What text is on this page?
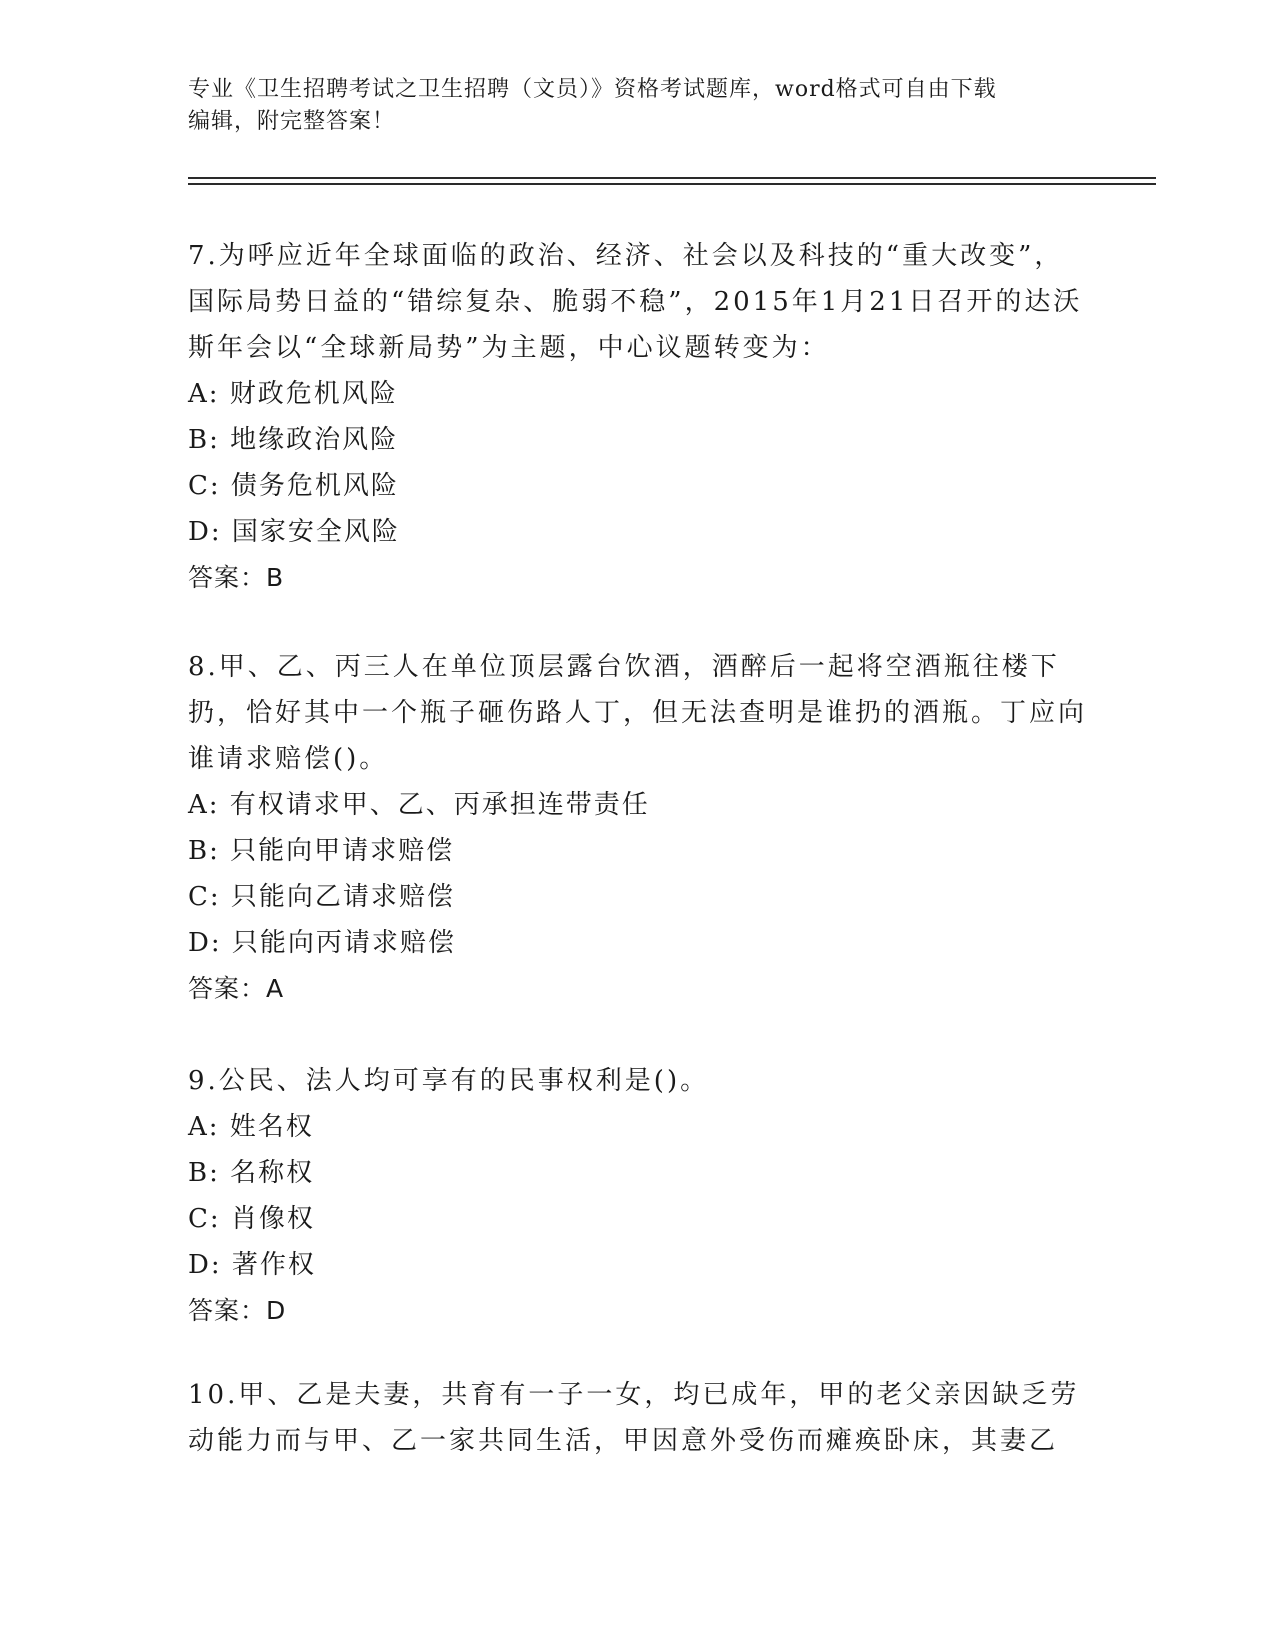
专业《卫生招聘考试之卫生招聘（文员）》资格考试题库，word格式可自由下载
编辑，附完整答案！

7.为呼应近年全球面临的政治、经济、社会以及科技的“重大改变”，国际局势日益的“错综复杂、脆弱不稳”，2015年1月21日召开的达沃斯年会以“全球新局势”为主题，中心议题转变为：

A: 财政危机风险

B: 地缘政治风险

C: 债务危机风险

D: 国家安全风险

答案：B

8.甲、乙、丙三人在单位顶层露台饮酒，酒醉后一起将空酒瓶往楼下扔，恰好其中一个瓶子砸伤路人丁，但无法查明是谁扔的酒瓶。丁应向谁请求赔偿()。

A: 有权请求甲、乙、丙承担连带责任

B: 只能向甲请求赔偿

C: 只能向乙请求赔偿

D: 只能向丙请求赔偿

答案：A

9.公民、法人均可享有的民事权利是()。

A: 姓名权

B: 名称权

C: 肖像权

D: 著作权

答案：D

10.甲、乙是夫妻，共育有一子一女，均已成年，甲的老父亲因缺乏劳动能力而与甲、乙一家共同生活，甲因意外受伤而瘫痪卧床，其妻乙
